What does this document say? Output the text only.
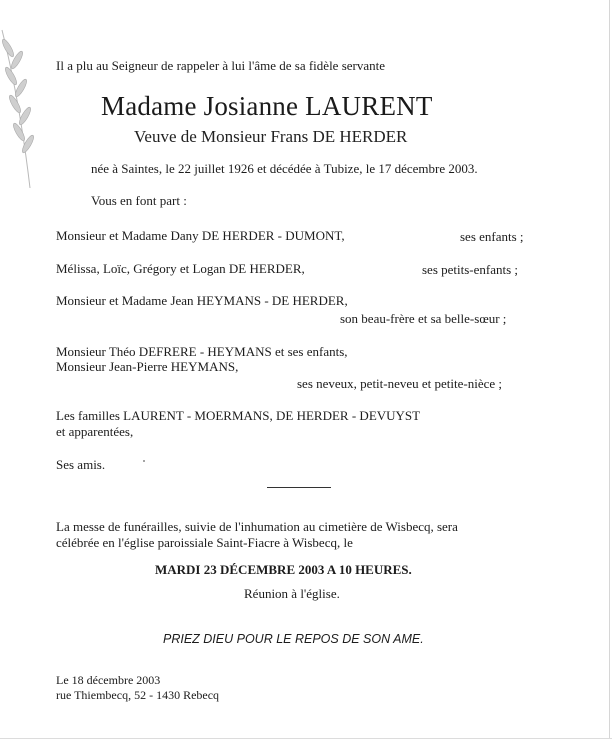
Il a plu au Seigneur de rappeler à lui l'âme de sa fidèle servante
Madame Josianne LAURENT
Veuve de Monsieur Frans DE HERDER
née à Saintes, le 22 juillet 1926 et décédée à Tubize, le 17 décembre 2003.
Vous en font part :
Monsieur et Madame Dany DE HERDER - DUMONT,	ses enfants ;
Mélissa, Loïc, Grégory et Logan DE HERDER,	ses petits-enfants ;
Monsieur et Madame Jean HEYMANS - DE HERDER,
son beau-frère et sa belle-sœur ;
Monsieur Théo DEFRERE - HEYMANS et ses enfants,
Monsieur Jean-Pierre HEYMANS,
ses neveux, petit-neveu et petite-nièce ;
Les familles LAURENT - MOERMANS, DE HERDER - DEVUYST
et apparentées,
Ses amis.
La messe de funérailles, suivie de l'inhumation au cimetière de Wisbecq, sera
célébrée en l'église paroissiale Saint-Fiacre à Wisbecq, le
MARDI 23 DÉCEMBRE 2003 A 10 HEURES.
Réunion à l'église.
PRIEZ DIEU POUR LE REPOS DE SON AME.
Le 18 décembre 2003
rue Thiembecq, 52 - 1430 Rebecq
